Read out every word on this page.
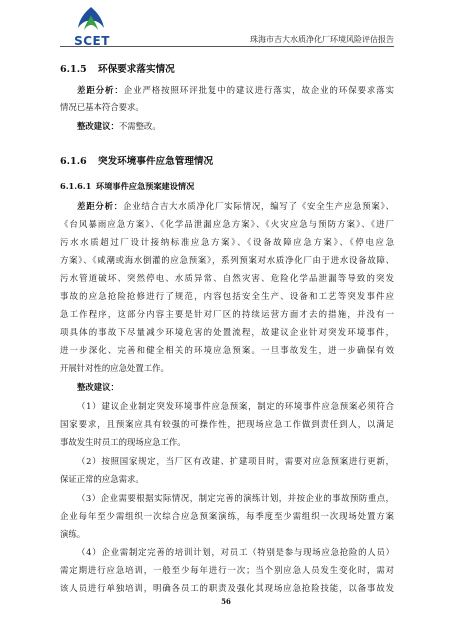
SCET	珠海市吉大水质净化厂环境风险评估报告
6.1.5 环保要求落实情况
差距分析：企业严格按照环评批复中的建议进行落实，故企业的环保要求落实
情况已基本符合要求。
整改建议：不需整改。
6.1.6 突发环境事件应急管理情况
6.1.6.1 环境事件应急预案建设情况
差距分析：企业结合吉大水质净化厂实际情况，编写了《安全生产应急预案》、
《台风暴雨应急方案》、《化学品泄漏应急方案》、《火灾应急与预防方案》、《进厂
污水水质超过厂设计接纳标准应急方案》、《设备故障应急方案》、《停电应急
方案》、《咸潮或海水倒灌的应急预案》，系列预案对水质净化厂由于进水设备故障、
污水管道破坏、突然停电、水质异常、自然灾害、危险化学品泄漏等导致的突发
事故的应急抢险抢修进行了规范，内容包括安全生产、设备和工艺等突发事件应
急工作程序，这部分内容主要是针对厂区的持续运营方面才去的措施，并没有一
项具体的事故下尽量减少环境危害的处置流程，故建议企业针对突发环境事件，
进一步深化、完善和健全相关的环境应急预案。一旦事故发生，进一步确保有效
开展针对性的应急处置工作。
整改建议：
（1）建议企业制定突发环境事件应急预案，制定的环境事件应急预案必须符合
国家要求，且预案应具有较强的可操作性，把现场应急工作做到责任到人，以满足
事故发生时员工的现场应急工作。
（2）按照国家规定，当厂区有改建、扩建项目时，需要对应急预案进行更新，
保证正常的应急需求。
（3）企业需要根据实际情况，制定完善的演练计划，并按企业的事故预防重点，
企业每年至少需组织一次综合应急预案演练，每季度至少需组织一次现场处置方案
演练。
（4）企业需制定完善的培训计划，对员工（特别是参与现场应急抢险的人员）
需定期进行应急培训，一般至少每年进行一次；当个别应急人员发生变化时，需对
该人员进行单独培训，明确各员工的职责及强化其现场应急抢险技能，以备事故发
56
